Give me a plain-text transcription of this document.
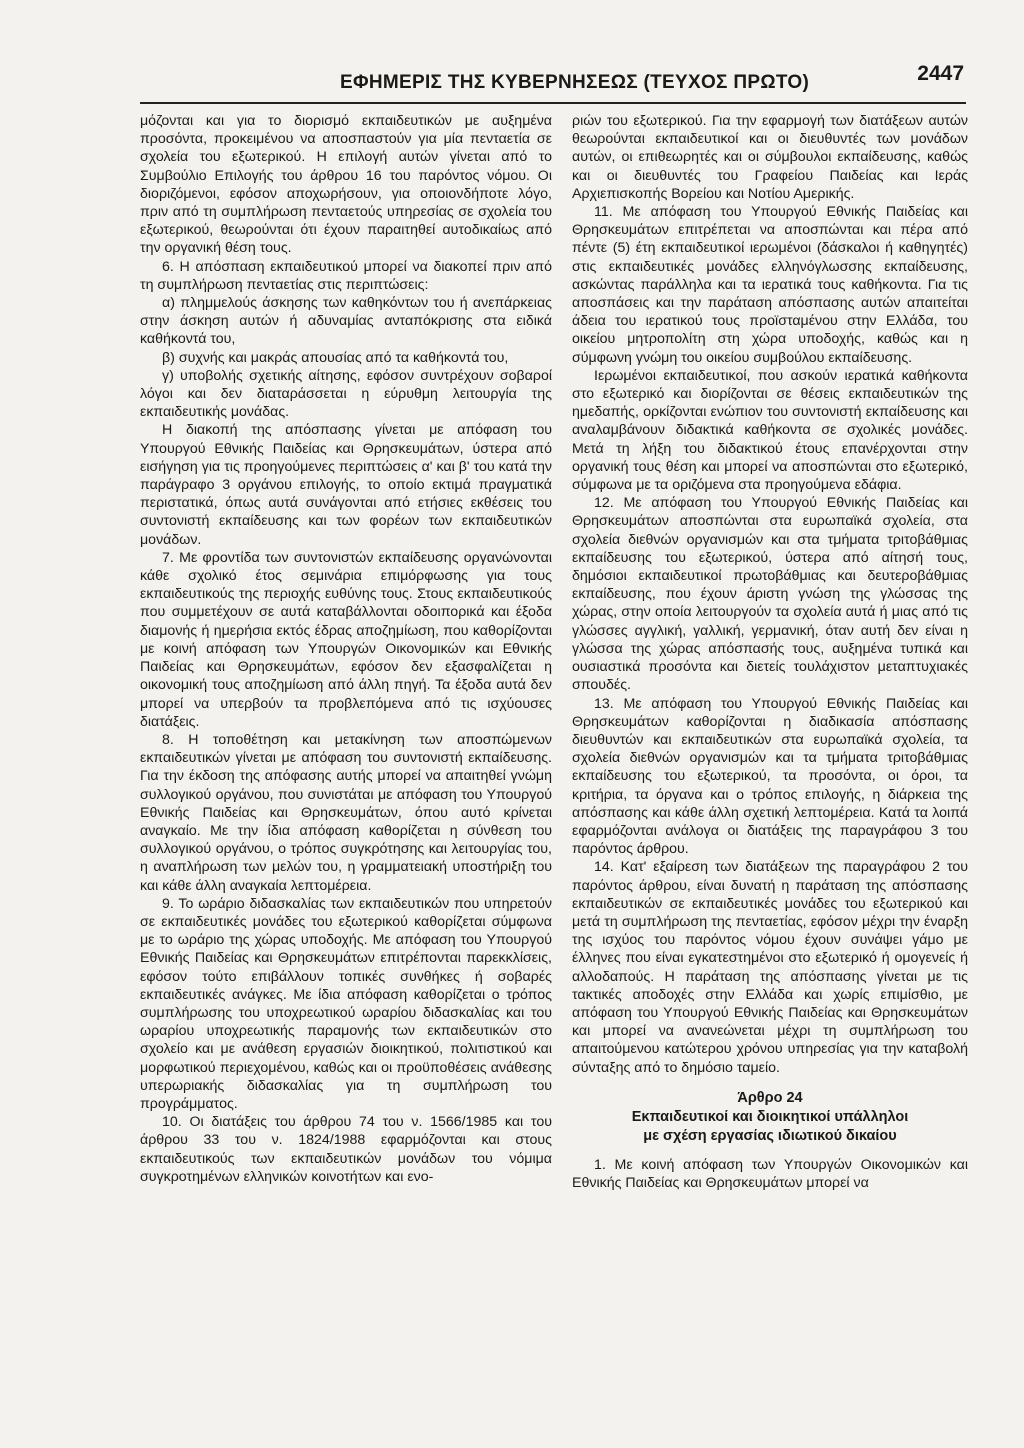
ΕΦΗΜΕΡΙΣ ΤΗΣ ΚΥΒΕΡΝΗΣΕΩΣ (ΤΕΥΧΟΣ ΠΡΩΤΟ)	2447

μόζονται και για το διορισμό εκπαιδευτικών με αυξημένα προσόντα, προκειμένου να αποσπαστούν για μία πενταετία σε σχολεία του εξωτερικού. Η επιλογή αυτών γίνεται από το Συμβούλιο Επιλογής του άρθρου 16 του παρόντος νόμου. Οι διοριζόμενοι, εφόσον αποχωρήσουν, για οποιονδήποτε λόγο, πριν από τη συμπλήρωση πενταετούς υπηρεσίας σε σχολεία του εξωτερικού, θεωρούνται ότι έχουν παραιτηθεί αυτοδικαίως από την οργανική θέση τους.

6. Η απόσπαση εκπαιδευτικού μπορεί να διακοπεί πριν από τη συμπλήρωση πενταετίας στις περιπτώσεις:

α) πλημμελούς άσκησης των καθηκόντων του ή ανεπάρκειας στην άσκηση αυτών ή αδυναμίας ανταπόκρισης στα ειδικά καθήκοντά του,

β) συχνής και μακράς απουσίας από τα καθήκοντά του,

γ) υποβολής σχετικής αίτησης, εφόσον συντρέχουν σοβαροί λόγοι και δεν διαταράσσεται η εύρυθμη λειτουργία της εκπαιδευτικής μονάδας.

Η διακοπή της απόσπασης γίνεται με απόφαση του Υπουργού Εθνικής Παιδείας και Θρησκευμάτων, ύστερα από εισήγηση για τις προηγούμενες περιπτώσεις α' και β' του κατά την παράγραφο 3 οργάνου επιλογής, το οποίο εκτιμά πραγματικά περιστατικά, όπως αυτά συνάγονται από ετήσιες εκθέσεις του συντονιστή εκπαίδευσης και των φορέων των εκπαιδευτικών μονάδων.

7. Με φροντίδα των συντονιστών εκπαίδευσης οργανώνονται κάθε σχολικό έτος σεμινάρια επιμόρφωσης για τους εκπαιδευτικούς της περιοχής ευθύνης τους. Στους εκπαιδευτικούς που συμμετέχουν σε αυτά καταβάλλονται οδοιπορικά και έξοδα διαμονής ή ημερήσια εκτός έδρας αποζημίωση, που καθορίζονται με κοινή απόφαση των Υπουργών Οικονομικών και Εθνικής Παιδείας και Θρησκευμάτων, εφόσον δεν εξασφαλίζεται η οικονομική τους αποζημίωση από άλλη πηγή. Τα έξοδα αυτά δεν μπορεί να υπερβούν τα προβλεπόμενα από τις ισχύουσες διατάξεις.

8. Η τοποθέτηση και μετακίνηση των αποσπώμενων εκπαιδευτικών γίνεται με απόφαση του συντονιστή εκπαίδευσης. Για την έκδοση της απόφασης αυτής μπορεί να απαιτηθεί γνώμη συλλογικού οργάνου, που συνιστάται με απόφαση του Υπουργού Εθνικής Παιδείας και Θρησκευμάτων, όπου αυτό κρίνεται αναγκαίο. Με την ίδια απόφαση καθορίζεται η σύνθεση του συλλογικού οργάνου, ο τρόπος συγκρότησης και λειτουργίας του, η αναπλήρωση των μελών του, η γραμματειακή υποστήριξη του και κάθε άλλη αναγκαία λεπτομέρεια.

9. Το ωράριο διδασκαλίας των εκπαιδευτικών που υπηρετούν σε εκπαιδευτικές μονάδες του εξωτερικού καθορίζεται σύμφωνα με το ωράριο της χώρας υποδοχής. Με απόφαση του Υπουργού Εθνικής Παιδείας και Θρησκευμάτων επιτρέπονται παρεκκλίσεις, εφόσον τούτο επιβάλλουν τοπικές συνθήκες ή σοβαρές εκπαιδευτικές ανάγκες. Με ίδια απόφαση καθορίζεται ο τρόπος συμπλήρωσης του υποχρεωτικού ωραρίου διδασκαλίας και του ωραρίου υποχρεωτικής παραμονής των εκπαιδευτικών στο σχολείο και με ανάθεση εργασιών διοικητικού, πολιτιστικού και μορφωτικού περιεχομένου, καθώς και οι προϋποθέσεις ανάθεσης υπερωριακής διδασκαλίας για τη συμπλήρωση του προγράμματος.

10. Οι διατάξεις του άρθρου 74 του ν. 1566/1985 και του άρθρου 33 του ν. 1824/1988 εφαρμόζονται και στους εκπαιδευτικούς των εκπαιδευτικών μονάδων του νόμιμα συγκροτημένων ελληνικών κοινοτήτων και ενο-

ριών του εξωτερικού. Για την εφαρμογή των διατάξεων αυτών θεωρούνται εκπαιδευτικοί και οι διευθυντές των μονάδων αυτών, οι επιθεωρητές και οι σύμβουλοι εκπαίδευσης, καθώς και οι διευθυντές του Γραφείου Παιδείας και Ιεράς Αρχιεπισκοπής Βορείου και Νοτίου Αμερικής.

11. Με απόφαση του Υπουργού Εθνικής Παιδείας και Θρησκευμάτων επιτρέπεται να αποσπώνται και πέρα από πέντε (5) έτη εκπαιδευτικοί ιερωμένοι (δάσκαλοι ή καθηγητές) στις εκπαιδευτικές μονάδες ελληνόγλωσσης εκπαίδευσης, ασκώντας παράλληλα και τα ιερατικά τους καθήκοντα. Για τις αποσπάσεις και την παράταση απόσπασης αυτών απαιτείται άδεια του ιερατικού τους προϊσταμένου στην Ελλάδα, του οικείου μητροπολίτη στη χώρα υποδοχής, καθώς και η σύμφωνη γνώμη του οικείου συμβούλου εκπαίδευσης.

Ιερωμένοι εκπαιδευτικοί, που ασκούν ιερατικά καθήκοντα στο εξωτερικό και διορίζονται σε θέσεις εκπαιδευτικών της ημεδαπής, ορκίζονται ενώπιον του συντονιστή εκπαίδευσης και αναλαμβάνουν διδακτικά καθήκοντα σε σχολικές μονάδες. Μετά τη λήξη του διδακτικού έτους επανέρχονται στην οργανική τους θέση και μπορεί να αποσπώνται στο εξωτερικό, σύμφωνα με τα οριζόμενα στα προηγούμενα εδάφια.

12. Με απόφαση του Υπουργού Εθνικής Παιδείας και Θρησκευμάτων αποσπώνται στα ευρωπαϊκά σχολεία, στα σχολεία διεθνών οργανισμών και στα τμήματα τριτοβάθμιας εκπαίδευσης του εξωτερικού, ύστερα από αίτησή τους, δημόσιοι εκπαιδευτικοί πρωτοβάθμιας και δευτεροβάθμιας εκπαίδευσης, που έχουν άριστη γνώση της γλώσσας της χώρας, στην οποία λειτουργούν τα σχολεία αυτά ή μιας από τις γλώσσες αγγλική, γαλλική, γερμανική, όταν αυτή δεν είναι η γλώσσα της χώρας απόσπασής τους, αυξημένα τυπικά και ουσιαστικά προσόντα και διετείς τουλάχιστον μεταπτυχιακές σπουδές.

13. Με απόφαση του Υπουργού Εθνικής Παιδείας και Θρησκευμάτων καθορίζονται η διαδικασία απόσπασης διευθυντών και εκπαιδευτικών στα ευρωπαϊκά σχολεία, τα σχολεία διεθνών οργανισμών και τα τμήματα τριτοβάθμιας εκπαίδευσης του εξωτερικού, τα προσόντα, οι όροι, τα κριτήρια, τα όργανα και ο τρόπος επιλογής, η διάρκεια της απόσπασης και κάθε άλλη σχετική λεπτομέρεια. Κατά τα λοιπά εφαρμόζονται ανάλογα οι διατάξεις της παραγράφου 3 του παρόντος άρθρου.

14. Κατ' εξαίρεση των διατάξεων της παραγράφου 2 του παρόντος άρθρου, είναι δυνατή η παράταση της απόσπασης εκπαιδευτικών σε εκπαιδευτικές μονάδες του εξωτερικού και μετά τη συμπλήρωση της πενταετίας, εφόσον μέχρι την έναρξη της ισχύος του παρόντος νόμου έχουν συνάψει γάμο με έλληνες που είναι εγκατεστημένοι στο εξωτερικό ή ομογενείς ή αλλοδαπούς. Η παράταση της απόσπασης γίνεται με τις τακτικές αποδοχές στην Ελλάδα και χωρίς επιμίσθιο, με απόφαση του Υπουργού Εθνικής Παιδείας και Θρησκευμάτων και μπορεί να ανανεώνεται μέχρι τη συμπλήρωση του απαιτούμενου κατώτερου χρόνου υπηρεσίας για την καταβολή σύνταξης από το δημόσιο ταμείο.

Άρθρο 24
Εκπαιδευτικοί και διοικητικοί υπάλληλοι
με σχέση εργασίας ιδιωτικού δικαίου

1. Με κοινή απόφαση των Υπουργών Οικονομικών και Εθνικής Παιδείας και Θρησκευμάτων μπορεί να
